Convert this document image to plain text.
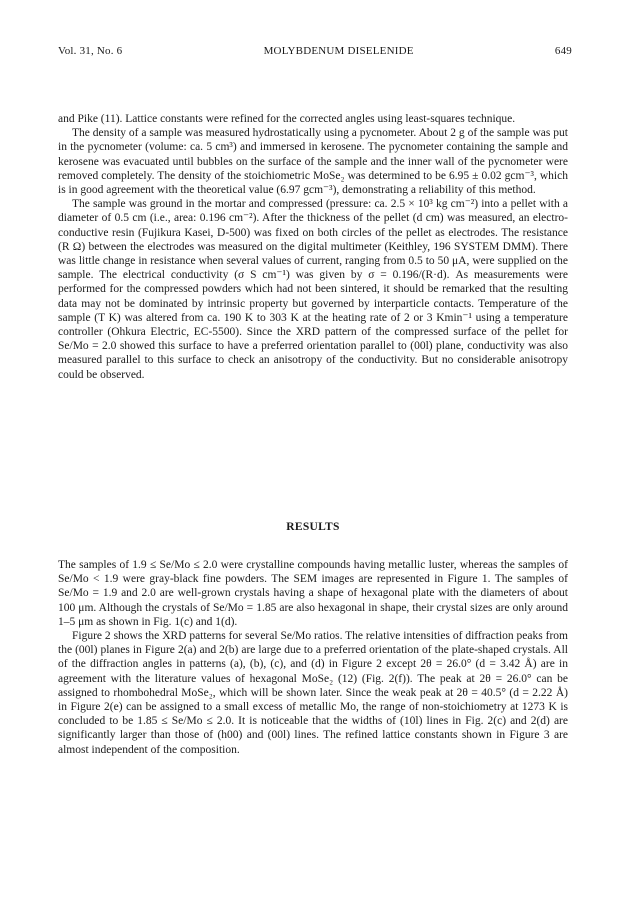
Vol. 31, No. 6	MOLYBDENUM DISELENIDE	649

and Pike (11). Lattice constants were refined for the corrected angles using least-squares technique.

The density of a sample was measured hydrostatically using a pycnometer. About 2 g of the sample was put in the pycnometer (volume: ca. 5 cm³) and immersed in kerosene. The pycnometer containing the sample and kerosene was evacuated until bubbles on the surface of the sample and the inner wall of the pycnometer were removed completely. The density of the stoichiometric MoSe₂ was determined to be 6.95 ± 0.02 gcm⁻³, which is in good agreement with the theoretical value (6.97 gcm⁻³), demonstrating a reliability of this method.

The sample was ground in the mortar and compressed (pressure: ca. 2.5 × 10³ kg cm⁻²) into a pellet with a diameter of 0.5 cm (i.e., area: 0.196 cm⁻²). After the thickness of the pellet (d cm) was measured, an electro-conductive resin (Fujikura Kasei, D-500) was fixed on both circles of the pellet as electrodes. The resistance (R Ω) between the electrodes was measured on the digital multimeter (Keithley, 196 SYSTEM DMM). There was little change in resistance when several values of current, ranging from 0.5 to 50 μA, were supplied on the sample. The electrical conductivity (σ S cm⁻¹) was given by σ = 0.196/(R·d). As measurements were performed for the compressed powders which had not been sintered, it should be remarked that the resulting data may not be dominated by intrinsic property but governed by interparticle contacts. Temperature of the sample (T K) was altered from ca. 190 K to 303 K at the heating rate of 2 or 3 Kmin⁻¹ using a temperature controller (Ohkura Electric, EC-5500). Since the XRD pattern of the compressed surface of the pellet for Se/Mo = 2.0 showed this surface to have a preferred orientation parallel to (00l) plane, conductivity was also measured parallel to this surface to check an anisotropy of the conductivity. But no considerable anisotropy could be observed.

RESULTS

The samples of 1.9 ≤ Se/Mo ≤ 2.0 were crystalline compounds having metallic luster, whereas the samples of Se/Mo < 1.9 were gray-black fine powders. The SEM images are represented in Figure 1. The samples of Se/Mo = 1.9 and 2.0 are well-grown crystals having a shape of hexagonal plate with the diameters of about 100 μm. Although the crystals of Se/Mo = 1.85 are also hexagonal in shape, their crystal sizes are only around 1–5 μm as shown in Fig. 1(c) and 1(d).

Figure 2 shows the XRD patterns for several Se/Mo ratios. The relative intensities of diffraction peaks from the (00l) planes in Figure 2(a) and 2(b) are large due to a preferred orientation of the plate-shaped crystals. All of the diffraction angles in patterns (a), (b), (c), and (d) in Figure 2 except 2θ = 26.0° (d = 3.42 Å) are in agreement with the literature values of hexagonal MoSe₂ (12) (Fig. 2(f)). The peak at 2θ = 26.0° can be assigned to rhombohedral MoSe₂, which will be shown later. Since the weak peak at 2θ = 40.5° (d = 2.22 Å) in Figure 2(e) can be assigned to a small excess of metallic Mo, the range of non-stoichiometry at 1273 K is concluded to be 1.85 ≤ Se/Mo ≤ 2.0. It is noticeable that the widths of (10l) lines in Fig. 2(c) and 2(d) are significantly larger than those of (h00) and (00l) lines. The refined lattice constants shown in Figure 3 are almost independent of the composition.
